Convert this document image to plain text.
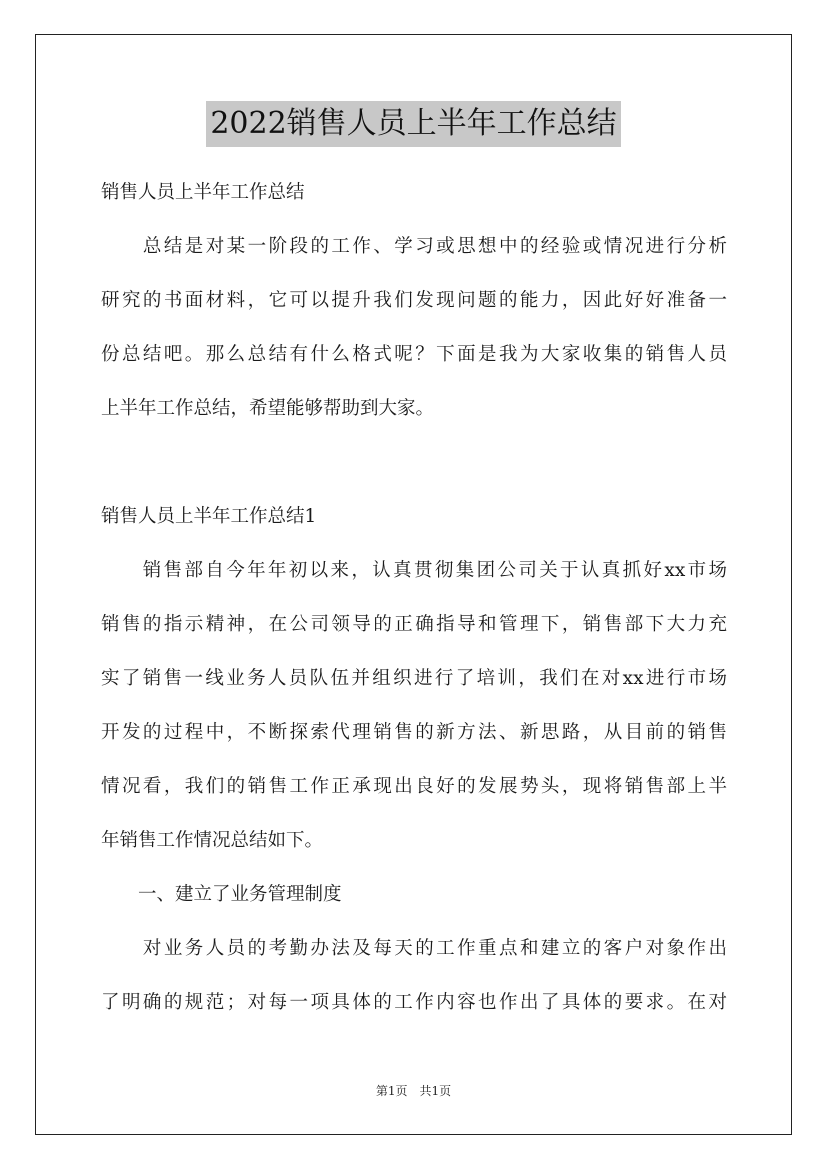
2022销售人员上半年工作总结
销售人员上半年工作总结
　　总结是对某一阶段的工作、学习或思想中的经验或情况进行分析
研究的书面材料，它可以提升我们发现问题的能力，因此好好准备一
份总结吧。那么总结有什么格式呢？下面是我为大家收集的销售人员
上半年工作总结，希望能够帮助到大家。
销售人员上半年工作总结1
　　销售部自今年年初以来，认真贯彻集团公司关于认真抓好xx市场
销售的指示精神，在公司领导的正确指导和管理下，销售部下大力充
实了销售一线业务人员队伍并组织进行了培训，我们在对xx进行市场
开发的过程中，不断探索代理销售的新方法、新思路，从目前的销售
情况看，我们的销售工作正承现出良好的发展势头，现将销售部上半
年销售工作情况总结如下。
　　一、建立了业务管理制度
　　对业务人员的考勤办法及每天的工作重点和建立的客户对象作出
了明确的规范；对每一项具体的工作内容也作出了具体的要求。在对
第1页　共1页
